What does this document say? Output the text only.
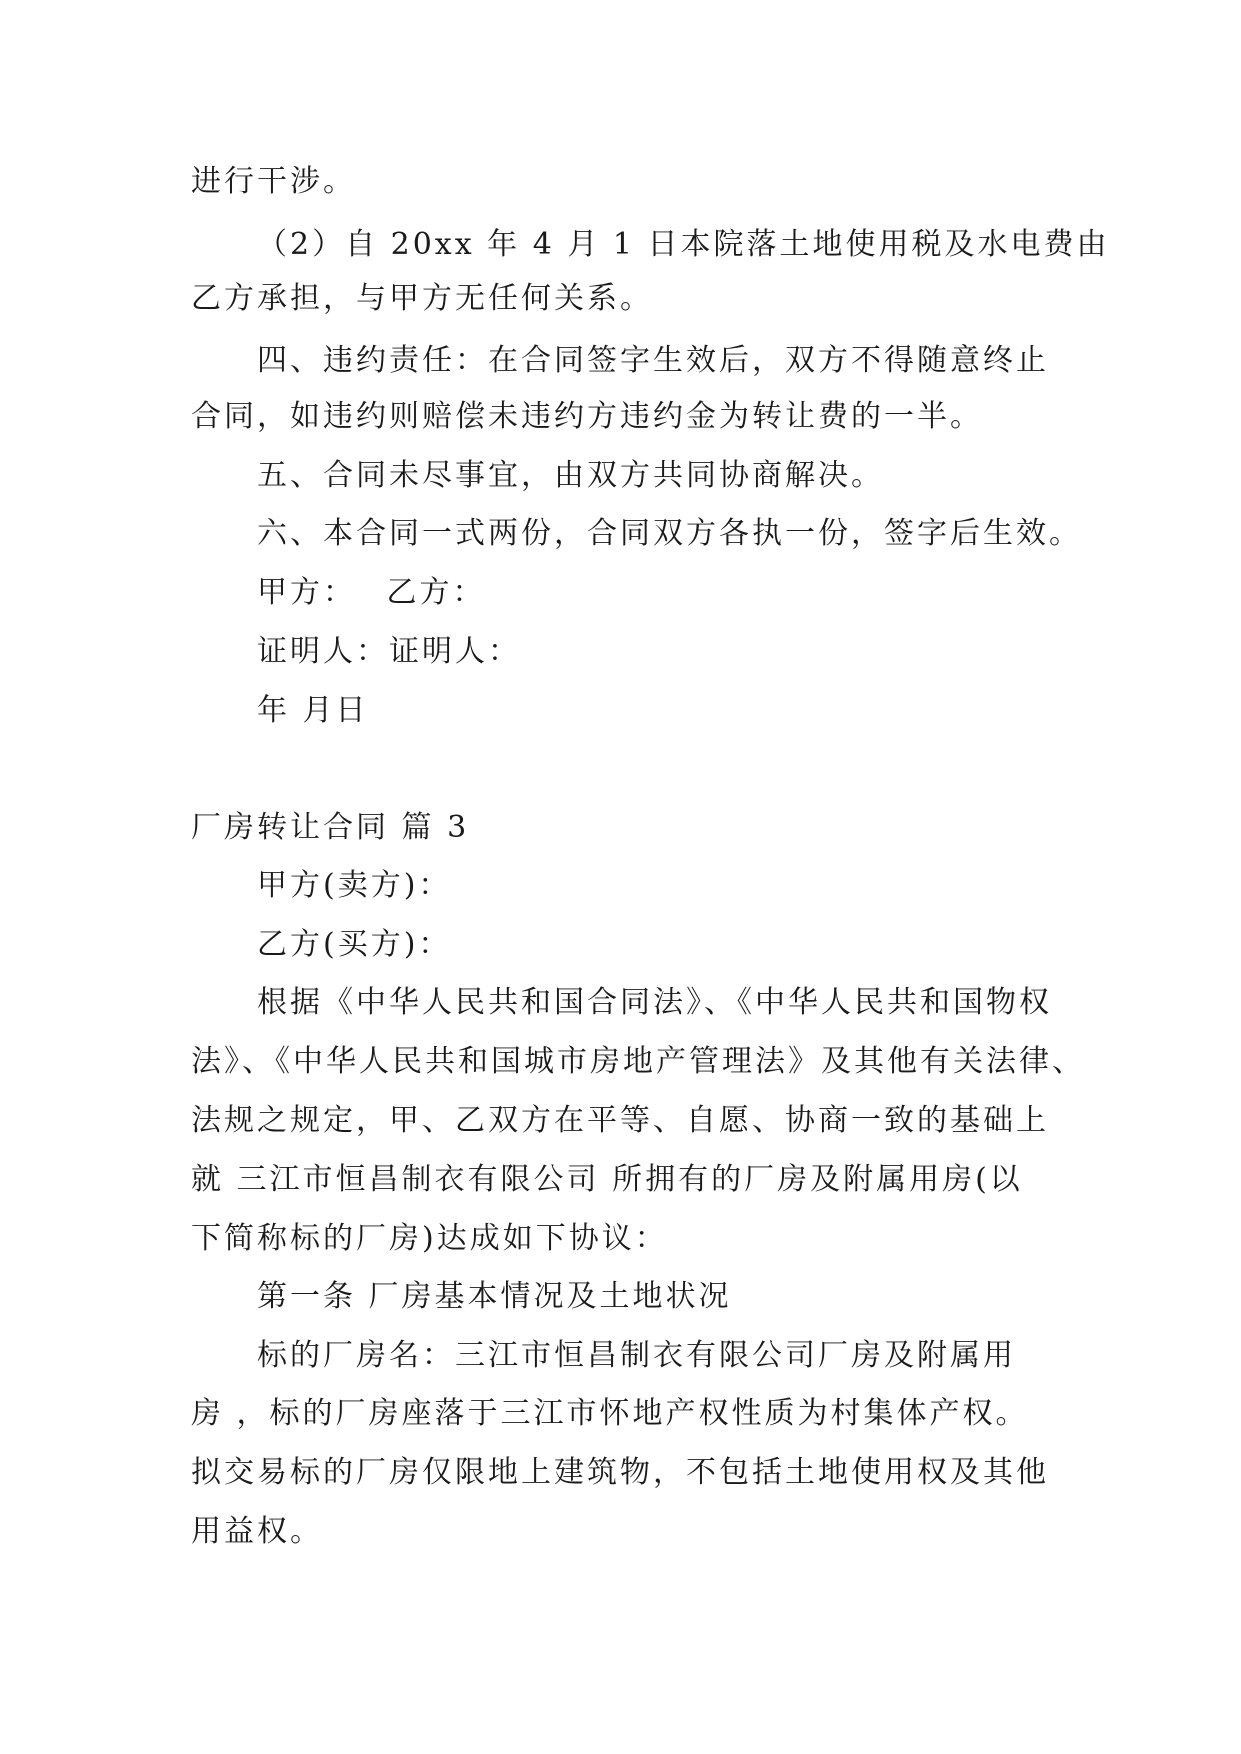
进行干涉。
（2）自 20xx 年 4 月 1 日本院落土地使用税及水电费由
乙方承担，与甲方无任何关系。
四、违约责任：在合同签字生效后，双方不得随意终止
合同，如违约则赔偿未违约方违约金为转让费的一半。
五、合同未尽事宜，由双方共同协商解决。
六、本合同一式两份，合同双方各执一份，签字后生效。
甲方：　 乙方：
证明人：证明人：
年 月日
厂房转让合同 篇 3
甲方(卖方)：
乙方(买方)：
根据《中华人民共和国合同法》、《中华人民共和国物权
法》、《中华人民共和国城市房地产管理法》及其他有关法律、
法规之规定，甲、乙双方在平等、自愿、协商一致的基础上
就 三江市恒昌制衣有限公司 所拥有的厂房及附属用房(以
下简称标的厂房)达成如下协议：
第一条 厂房基本情况及土地状况
标的厂房名：三江市恒昌制衣有限公司厂房及附属用
房 ，标的厂房座落于三江市怀地产权性质为村集体产权。
拟交易标的厂房仅限地上建筑物，不包括土地使用权及其他
用益权。
